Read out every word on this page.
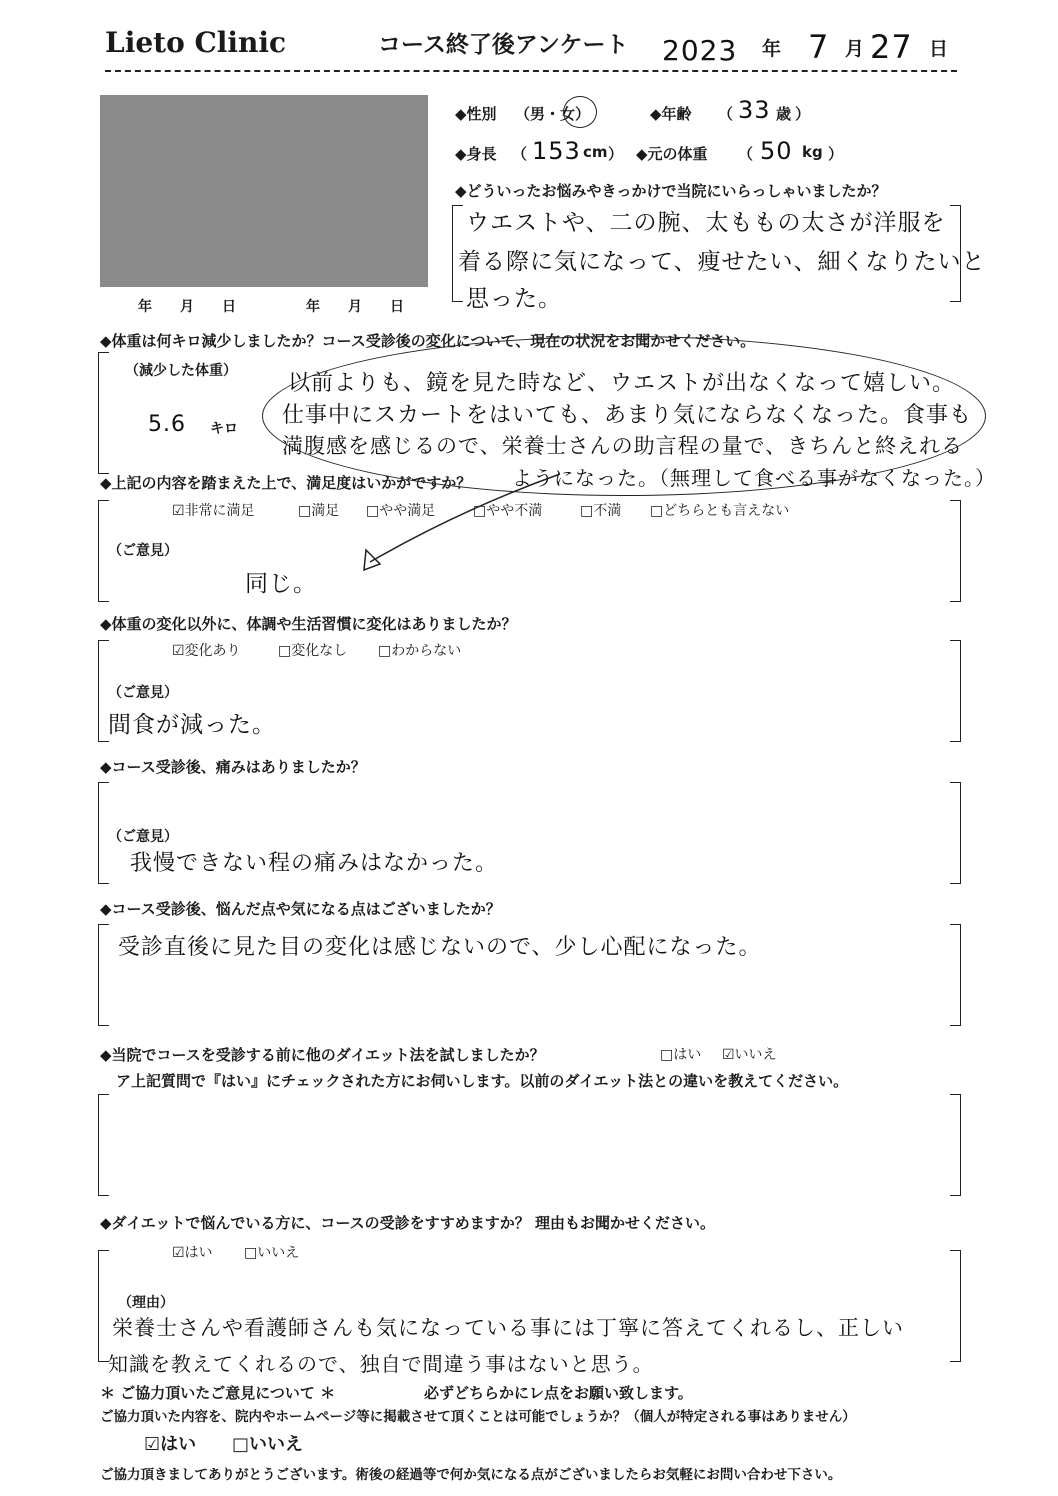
Lieto Clinic	コース終了後アンケート 2023 年 7 月 27 日
年　　月　　日	年　　月　　日
◆性別 （男・女）	◆年齢 （ 33 歳 ）
◆身長 （ 153 cm ） ◆元の体重 （ 50 kg ）
◆どういったお悩みやきっかけで当院にいらっしゃいましたか？
ウエストや、二の腕、太ももの太さが洋服を
着る際に気になって、痩せたい、細くなりたいと
思った。
◆体重は何キロ減少しましたか？コース受診後の変化について、現在の状況をお聞かせください。
（減少した体重）
5.6 キロ
以前よりも、鏡を見た時など、ウエストが出なくなって嬉しい。
仕事中にスカートをはいても、あまり気にならなくなった。食事も
満腹感を感じるので、栄養士さんの助言程の量で、きちんと終えれる
ようになった。（無理して食べる事がなくなった。）
◆上記の内容を踏まえた上で、満足度はいかがですか？
☑非常に満足	□満足 □やや満足	□やや不満	□不満 □どちらとも言えない
（ご意見）
同じ。
◆体重の変化以外に、体調や生活習慣に変化はありましたか？
☑変化あり	□変化なし □わからない
（ご意見）
間食が減った。
◆コース受診後、痛みはありましたか？
（ご意見）
我慢できない程の痛みはなかった。
◆コース受診後、悩んだ点や気になる点はございましたか？
受診直後に見た目の変化は感じないので、少し心配になった。
◆当院でコースを受診する前に他のダイエット法を試しましたか？	□はい ☑いいえ
ア上記質問で『はい』にチェックされた方にお伺いします。以前のダイエット法との違いを教えてください。
◆ダイエットで悩んでいる方に、コースの受診をすすめますか？ 理由もお聞かせください。
☑はい □いいえ
（理由）
栄養士さんや看護師さんも気になっている事には丁寧に答えてくれるし、正しい
知識を教えてくれるので、独自で間違う事はないと思う。
＊ ご協力頂いたご意見について ＊	必ずどちらかにレ点をお願い致します。
ご協力頂いた内容を、院内やホームページ等に掲載させて頂くことは可能でしょうか？（個人が特定される事はありません）
☑はい □いいえ
ご協力頂きましてありがとうございます。術後の経過等で何か気になる点がございましたらお気軽にお問い合わせ下さい。
